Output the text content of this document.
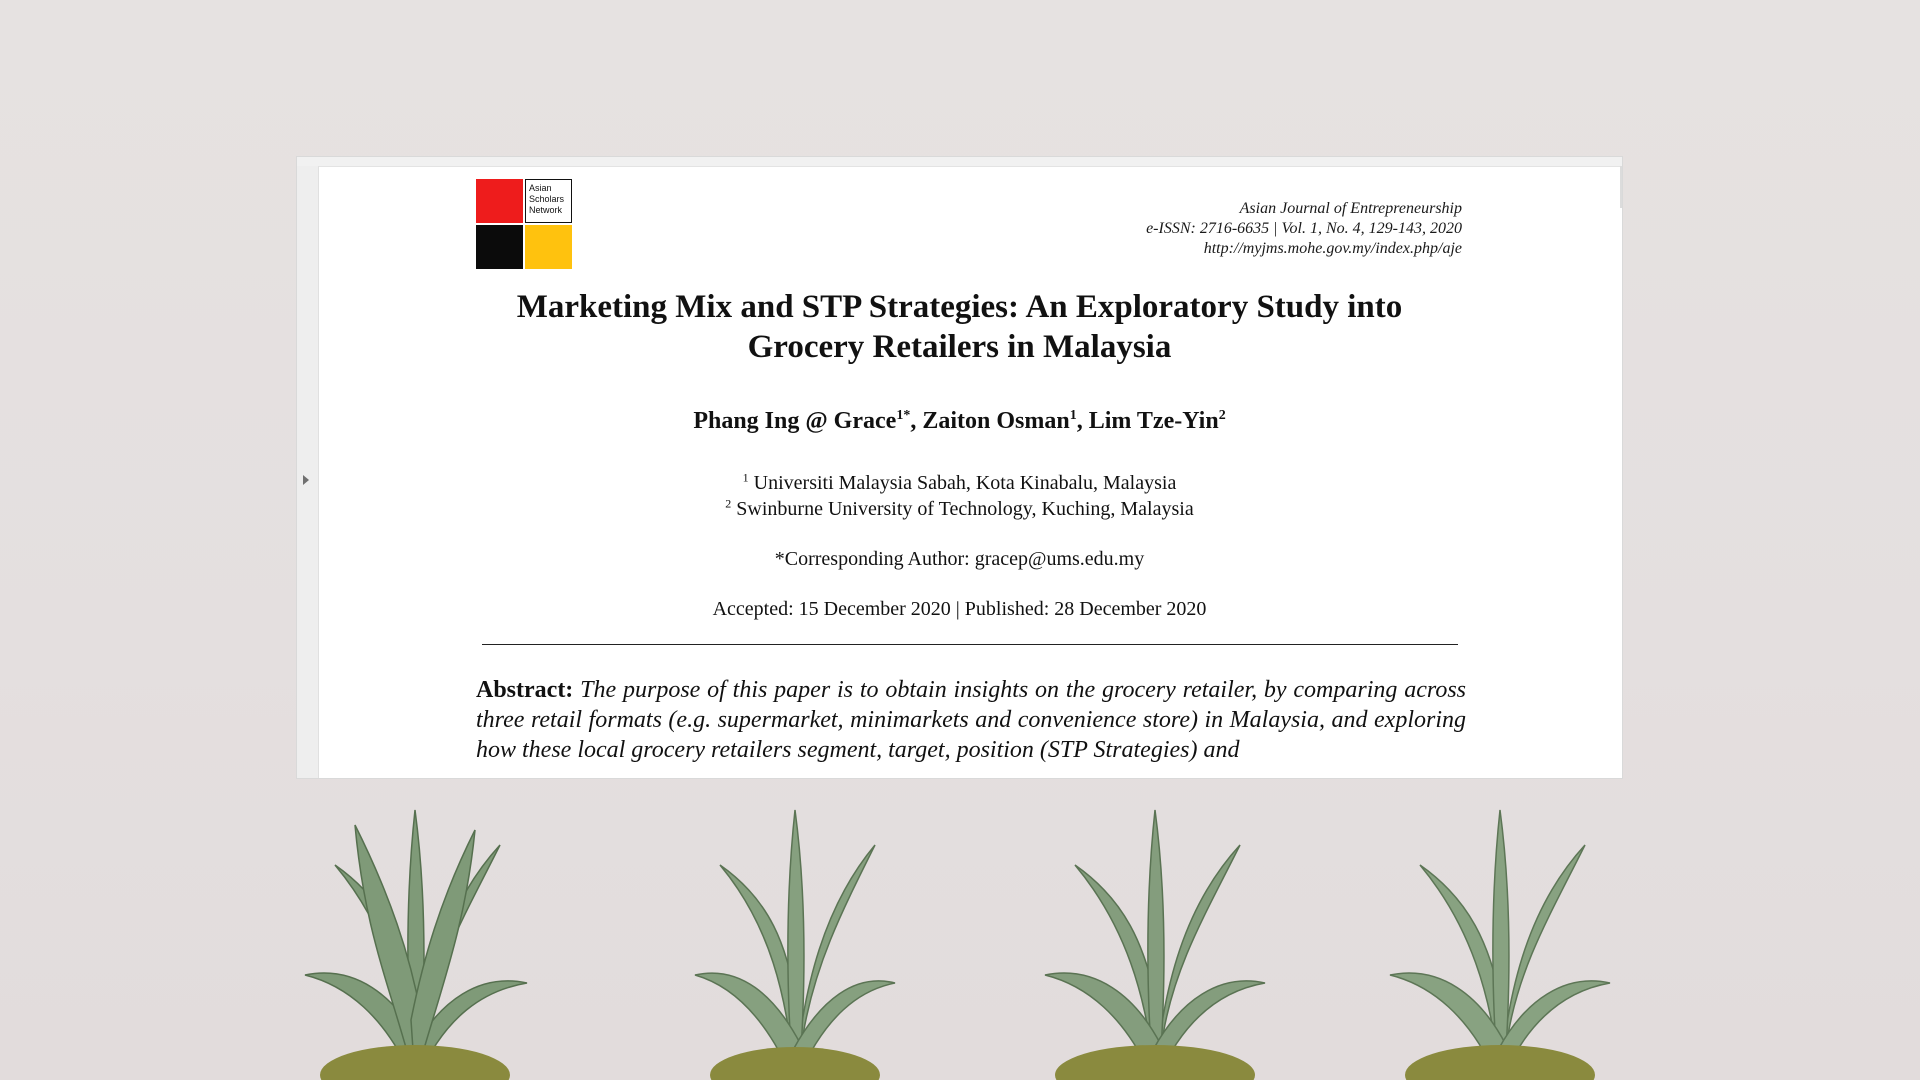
Asian
Scholars
Network	Asian Journal of Entrepreneurship
e-ISSN: 2716-6635 | Vol. 1, No. 4, 129-143, 2020
http://myjms.mohe.gov.my/index.php/aje
Marketing Mix and STP Strategies: An Exploratory Study into
Grocery Retailers in Malaysia
Phang Ing @ Grace$^{1*}$, Zaiton Osman$^1$, Lim Tze-Yin$^2$
$^1$ Universiti Malaysia Sabah, Kota Kinabalu, Malaysia
$^2$ Swinburne University of Technology, Kuching, Malaysia
*Corresponding Author: gracep@ums.edu.my
Accepted: 15 December 2020 | Published: 28 December 2020
Abstract: The purpose of this paper is to obtain insights on the grocery retailer, by comparing across three retail formats (e.g. supermarket, minimarkets and convenience store) in Malaysia, and exploring how these local grocery retailers segment, target, position (STP Strategies) and
